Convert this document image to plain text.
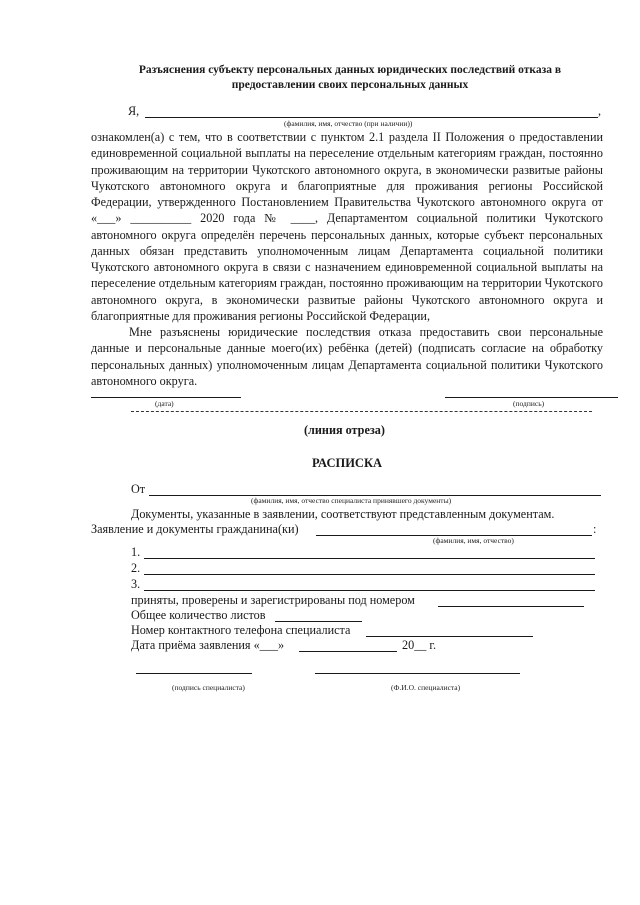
Разъяснения субъекту персональных данных юридических последствий отказа в
предоставлении своих персональных данных
Я,	,
(фамилия, имя, отчество (при наличии))

ознакомлен(а) с тем, что в соответствии с пунктом 2.1 раздела II Положения о предоставлении единовременной социальной выплаты на переселение отдельным категориям граждан, постоянно проживающим на территории Чукотского автономного округа, в экономически развитые районы Чукотского автономного округа и благоприятные для проживания регионы Российской Федерации, утвержденного Постановлением Правительства Чукотского автономного округа от «___» __________ 2020 года № ____, Департаментом социальной политики Чукотского автономного округа определён перечень персональных данных, которые субъект персональных данных обязан представить уполномоченным лицам Департамента социальной политики Чукотского автономного округа в связи с назначением единовременной социальной выплаты на переселение отдельным категориям граждан, постоянно проживающим на территории Чукотского автономного округа, в экономически развитые районы Чукотского автономного округа и благоприятные для проживания регионы Российской Федерации,

Мне разъяснены юридические последствия отказа предоставить свои персональные данные и персональные данные моего(их) ребёнка (детей) (подписать согласие на обработку персональных данных) уполномоченным лицам Департамента социальной политики Чукотского автономного округа.

(дата)	(подпись)
(линия отреза)
РАСПИСКА
От
(фамилия, имя, отчество специалиста принявшего документы)
Документы, указанные в заявлении, соответствуют представленным документам.
Заявление и документы гражданина(ки)	:
(фамилия, имя, отчество)
1.
2.
3.
приняты, проверены и зарегистрированы под номером
Общее количество листов
Номер контактного телефона специалиста
Дата приёма заявления «___»	20__ г.
(подпись специалиста)	(Ф.И.О. специалиста)
